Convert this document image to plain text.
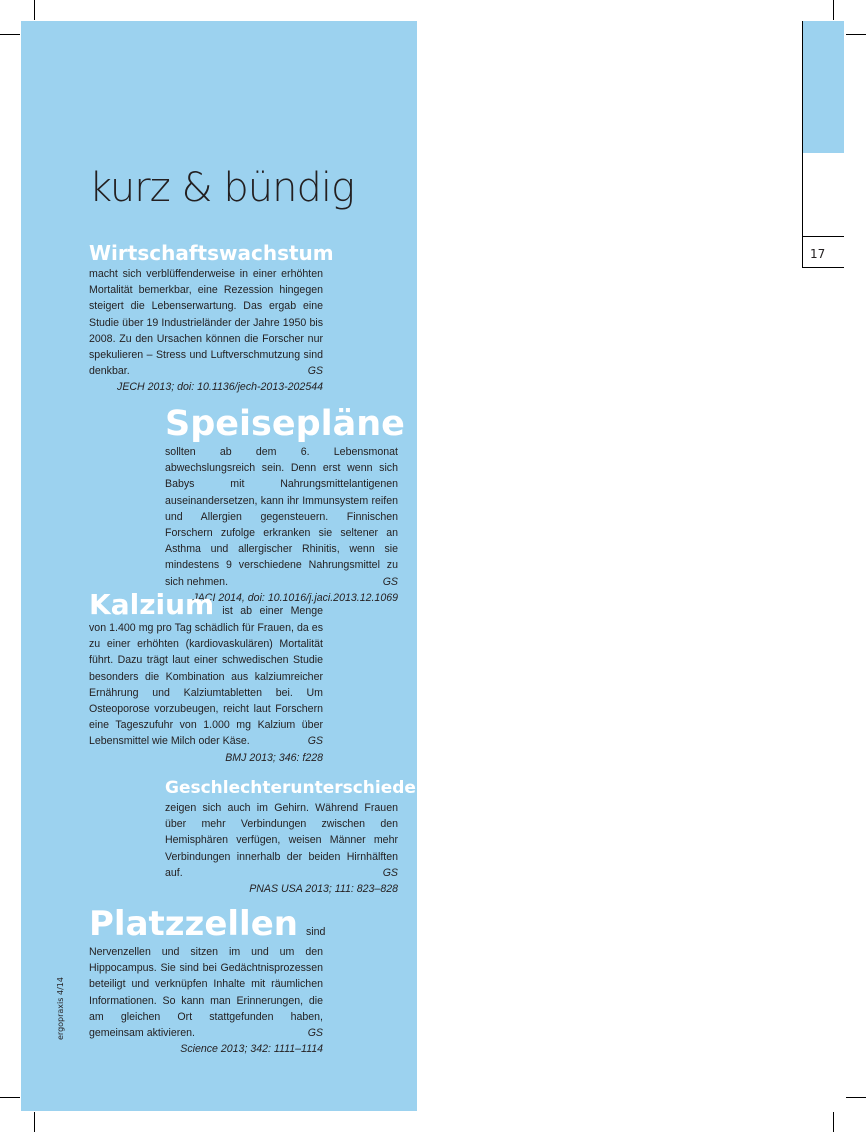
17
ergopraxis 4/14
kurz & bündig
Wirtschaftswachstum

macht sich verblüffenderweise in einer erhöhten Mortalität bemerkbar, eine Rezession hingegen steigert die Lebenserwartung. Das ergab eine Studie über 19 Industrieländer der Jahre 1950 bis 2008. Zu den Ursachen können die Forscher nur spekulieren – Stress und Luftverschmutzung sind denkbar.	GS

JECH 2013; doi: 10.1136/jech-2013-202544

Speisepläne

sollten ab dem 6. Lebensmonat abwechslungsreich sein. Denn erst wenn sich Babys mit Nahrungsmittelantigenen auseinandersetzen, kann ihr Immunsystem reifen und Allergien gegensteuern. Finnischen Forschern zufolge erkranken sie seltener an Asthma und allergischer Rhinitis, wenn sie mindestens 9 verschiedene Nahrungsmittel zu sich nehmen.	GS

JACI 2014, doi: 10.1016/j.jaci.2013.12.1069

Kalzium ist ab einer Menge von 1.400 mg pro Tag schädlich für Frauen, da es zu einer erhöhten (kardiovaskulären) Mortalität führt. Dazu trägt laut einer schwedischen Studie besonders die Kombination aus kalziumreicher Ernährung und Kalziumtabletten bei. Um Osteoporose vorzubeugen, reicht laut Forschern eine Tageszufuhr von 1.000 mg Kalzium über Lebensmittel wie Milch oder Käse.	GS

BMJ 2013; 346: f228

Geschlechterunterschiede

zeigen sich auch im Gehirn. Während Frauen über mehr Verbindungen zwischen den Hemisphären verfügen, weisen Männer mehr Verbindungen innerhalb der beiden Hirnhälften auf.	GS

PNAS USA 2013; 111: 823–828

Platzzellen sind Nervenzellen und sitzen im und um den Hippocampus. Sie sind bei Gedächtnisprozessen beteiligt und verknüpfen Inhalte mit räumlichen Informationen. So kann man Erinnerungen, die am gleichen Ort stattgefunden haben, gemeinsam aktivieren.	GS

Science 2013; 342: 1111–1114
